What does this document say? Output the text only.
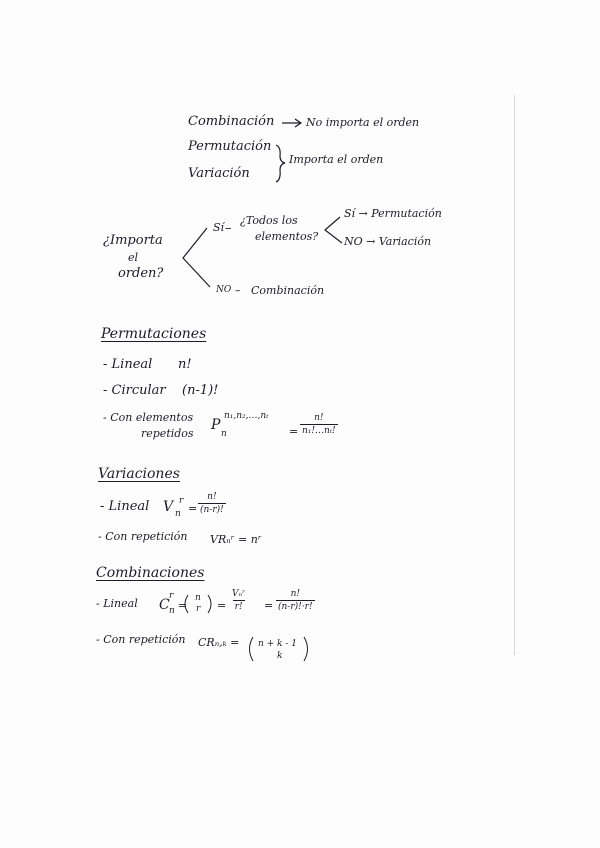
Combinación	No importa el orden
Permutación
Variación
Importa el orden
¿Importa
el
orden?
Sí –
¿Todos los
elementos?
Sí → Permutación
NO → Variación
NO – Combinación
Permutaciones
- Lineal n!
- Circular (n-1)!
- Con elementos
repetidos
P
n
n₁,n₂,…,nₜ
= $\frac{n!}{\text{n₁!…nₜ!}}$
Variaciones
- Lineal V n
r
= $\frac{n!}{(n-r)!}$
- Con repetición VRₙʳ = nʳ
Combinaciones
- Lineal C n
r
=
n
r =
Vₙʳ
r! = $\frac{n!}{(n-r)!\cdot r!}$
- Con repetición CRₙ,ₖ = n + k - 1
k
